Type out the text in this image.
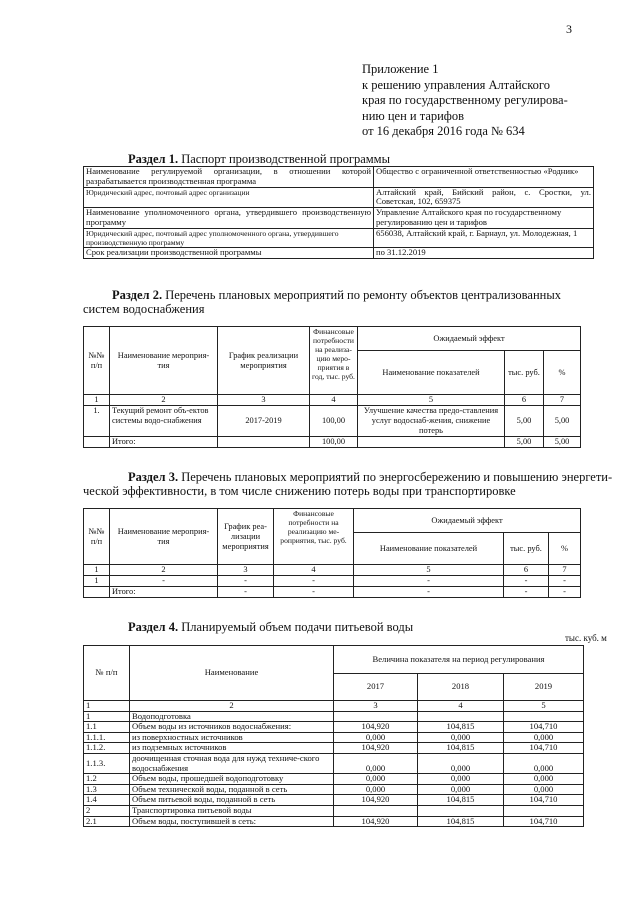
3
Приложение 1
к решению управления Алтайского
края по государственному регулирова-
нию цен и тарифов
от 16 декабря 2016 года № 634
Раздел 1. Паспорт производственной программы
Наименование регулируемой организации, в отношении которой разрабатывается производственная программа	Общество с ограниченной ответственностью «Родник»
Юридический адрес, почтовый адрес организации	Алтайский край, Бийский район, с. Сростки, ул. Советская, 102, 659375
Наименование уполномоченного органа, утвердившего производственную программу	Управление Алтайского края по государственному регулированию цен и тарифов
Юридический адрес, почтовый адрес уполномоченного органа, утвердившего производственную программу	656038, Алтайский край, г. Барнаул, ул. Молодежная, 1
Срок реализации производственной программы	по 31.12.2019
Раздел 2. Перечень плановых мероприятий по ремонту объектов централизованных
систем водоснабжения
№№ п/п	Наименование мероприя-тия	График реализации мероприятия	Финансовые потребности на реализа-цию меро-приятия в год, тыс. руб.	Ожидаемый эффект		
				Наименование показателей	тыс. руб.	%
1	2	3	4	5	6	7
1.	Текущий ремонт объ-ектов системы водо-снабжения	2017-2019	100,00	Улучшение качества предо-ставления услуг водоснаб-жения, снижение потерь	5,00	5,00
	Итого:		100,00		5,00	5,00
Раздел 3. Перечень плановых мероприятий по энергосбережению и повышению энергети-
ческой эффективности, в том числе снижению потерь воды при транспортировке
№№ п/п	Наименование мероприя-тия	График реа-лизации мероприятия	Финансовые потребности на реализацию ме-роприятия, тыс. руб.	Ожидаемый эффект		
				Наименование показателей	тыс. руб.	%
1	2	3	4	5	6	7
1	-	-	-	-	-	-
	Итого:	-	-	-	-	-
Раздел 4. Планируемый объем подачи питьевой воды
тыс. куб. м
№ п/п	Наименование	Величина показателя на период регулирования		
		2017	2018	2019
1	2	3	4	5
1	Водоподготовка			
1.1	Объем воды из источников водоснабжения:	104,920	104,815	104,710
1.1.1.	из поверхностных источников	0,000	0,000	0,000
1.1.2.	из подземных источников	104,920	104,815	104,710
1.1.3.	доочищенная сточная вода для нужд техниче-ского водоснабжения	0,000	0,000	0,000
1.2	Объем воды, прошедшей водоподготовку	0,000	0,000	0,000
1.3	Объем технической воды, поданной в сеть	0,000	0,000	0,000
1.4	Объем питьевой воды, поданной в сеть	104,920	104,815	104,710
2	Транспортировка питьевой воды			
2.1	Объем воды, поступившей в сеть:	104,920	104,815	104,710
